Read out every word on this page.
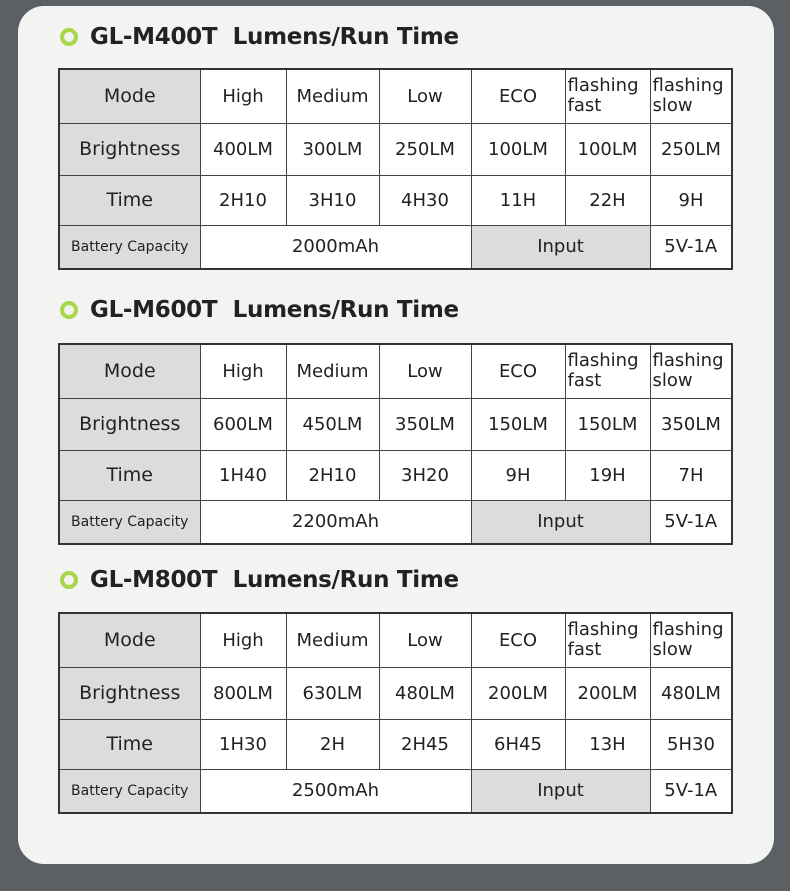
GL-M400T  Lumens/Run Time
Mode	High	Medium	Low	ECO	flashing fast	flashing slow
Brightness	400LM	300LM	250LM	100LM	100LM	250LM
Time	2H10	3H10	4H30	11H	22H	9H
Battery Capacity	2000mAh			Input		5V-1A
GL-M600T  Lumens/Run Time
Mode	High	Medium	Low	ECO	flashing fast	flashing slow
Brightness	600LM	450LM	350LM	150LM	150LM	350LM
Time	1H40	2H10	3H20	9H	19H	7H
Battery Capacity	2200mAh			Input		5V-1A
GL-M800T  Lumens/Run Time
Mode	High	Medium	Low	ECO	flashing fast	flashing slow
Brightness	800LM	630LM	480LM	200LM	200LM	480LM
Time	1H30	2H	2H45	6H45	13H	5H30
Battery Capacity	2500mAh			Input		5V-1A
